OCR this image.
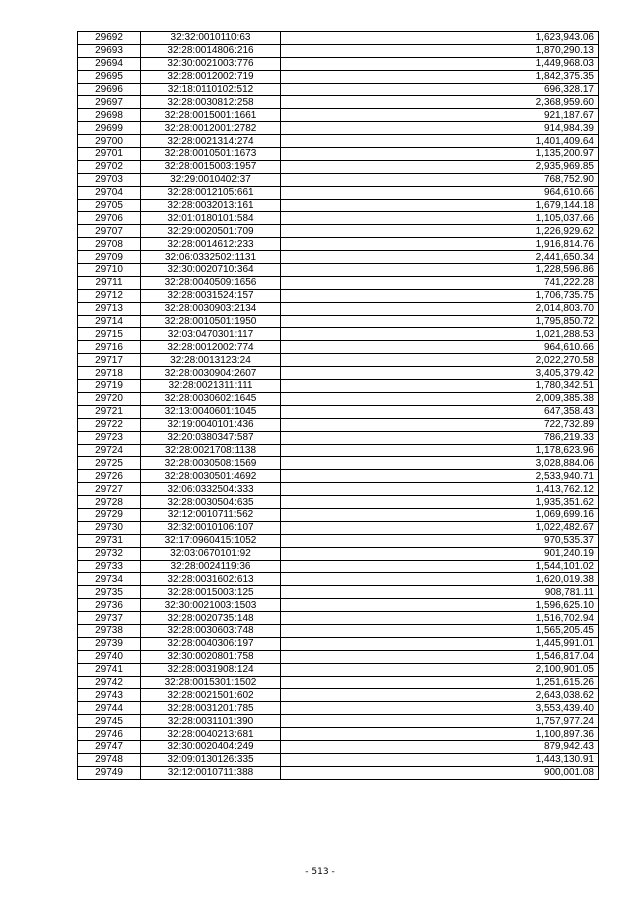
29692	32:32:0010110:63	1,623,943.06
29693	32:28:0014806:216	1,870,290.13
29694	32:30:0021003:776	1,449,968.03
29695	32:28:0012002:719	1,842,375.35
29696	32:18:0110102:512	696,328.17
29697	32:28:0030812:258	2,368,959.60
29698	32:28:0015001:1661	921,187.67
29699	32:28:0012001:2782	914,984.39
29700	32:28:0021314:274	1,401,409.64
29701	32:28:0010501:1673	1,135,200.97
29702	32:28:0015003:1957	2,935,969.85
29703	32:29:0010402:37	768,752.90
29704	32:28:0012105:661	964,610.66
29705	32:28:0032013:161	1,679,144.18
29706	32:01:0180101:584	1,105,037.66
29707	32:29:0020501:709	1,226,929.62
29708	32:28:0014612:233	1,916,814.76
29709	32:06:0332502:1131	2,441,650.34
29710	32:30:0020710:364	1,228,596.86
29711	32:28:0040509:1656	741,222.28
29712	32:28:0031524:157	1,706,735.75
29713	32:28:0030903:2134	2,014,803.70
29714	32:28:0010501:1950	1,795,850.72
29715	32:03:0470301:117	1,021,288.53
29716	32:28:0012002:774	964,610.66
29717	32:28:0013123:24	2,022,270.58
29718	32:28:0030904:2607	3,405,379.42
29719	32:28:0021311:111	1,780,342.51
29720	32:28:0030602:1645	2,009,385.38
29721	32:13:0040601:1045	647,358.43
29722	32:19:0040101:436	722,732.89
29723	32:20:0380347:587	786,219.33
29724	32:28:0021708:1138	1,178,623.96
29725	32:28:0030508:1569	3,028,884.06
29726	32:28:0030501:4692	2,533,940.71
29727	32:06:0332504:333	1,413,762.12
29728	32:28:0030504:635	1,935,351.62
29729	32:12:0010711:562	1,069,699.16
29730	32:32:0010106:107	1,022,482.67
29731	32:17:0960415:1052	970,535.37
29732	32:03:0670101:92	901,240.19
29733	32:28:0024119:36	1,544,101.02
29734	32:28:0031602:613	1,620,019.38
29735	32:28:0015003:125	908,781.11
29736	32:30:0021003:1503	1,596,625.10
29737	32:28:0020735:148	1,516,702.94
29738	32:28:0030603:748	1,565,205.45
29739	32:28:0040306:197	1,445,991.01
29740	32:30:0020801:758	1,546,817.04
29741	32:28:0031908:124	2,100,901.05
29742	32:28:0015301:1502	1,251,615.26
29743	32:28:0021501:602	2,643,038.62
29744	32:28:0031201:785	3,553,439.40
29745	32:28:0031101:390	1,757,977.24
29746	32:28:0040213:681	1,100,897.36
29747	32:30:0020404:249	879,942.43
29748	32:09:0130126:335	1,443,130.91
29749	32:12:0010711:388	900,001.08
- 513 -
